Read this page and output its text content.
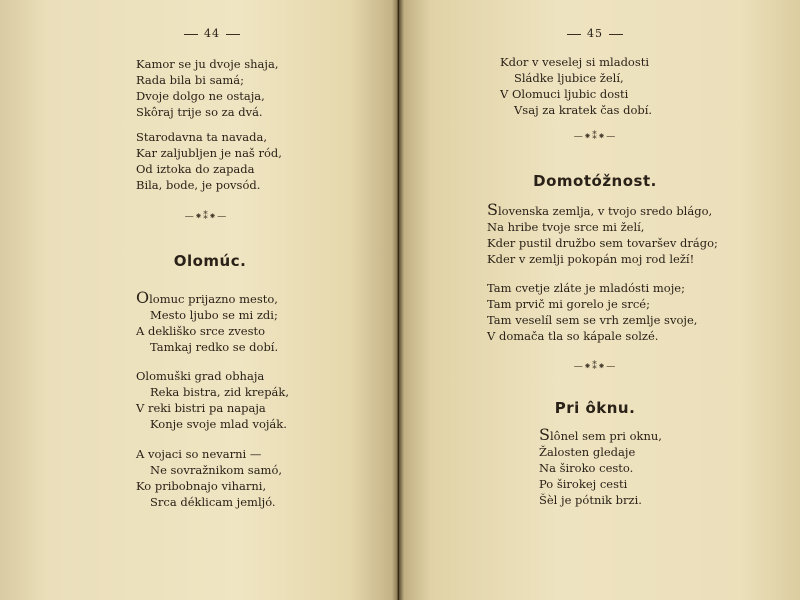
44
Kamor se ju dvoje shaja,
Rada bila bi samá;
Dvoje dolgo ne ostaja,
Skôraj trije so za dvá.
Starodavna ta navada,
Kar zaljubljen je naš ród,
Od iztoka do zapada
Bila, bode, je povsód.
—⁕⁑⁕—
Olomúc.
Olomuc prijazno mesto,
Mesto ljubo se mi zdi;
A dekliško srce zvesto
Tamkaj redko se dobí.
Olomuški grad obhaja
Reka bistra, zid krepák,
V reki bistri pa napaja
Konje svoje mlad voják.
A vojaci so nevarni —
Ne sovražnikom samó,
Ko pribobnajo viharni,
Srca déklicam jemljó.
45
Kdor v veselej si mladosti
Sládke ljubice želí,
V Olomuci ljubic dosti
Vsaj za kratek čas dobí.
—⁕⁑⁕—
Domotóžnost.
Slovenska zemlja, v tvojo sredo blágo,
Na hribe tvoje srce mi želí,
Kder pustil družbo sem tovaršev drágo;
Kder v zemlji pokopán moj rod leží!
Tam cvetje zláte je mladósti moje;
Tam prvič mi gorelo je srcé;
Tam veselíl sem se vrh zemlje svoje,
V domača tla so kápale solzé.
—⁕⁑⁕—
Pri ôknu.
Slônel sem pri oknu,
Žalosten gledaje
Na široko cesto.
Po širokej cesti
Šèl je pótnik brzi.
